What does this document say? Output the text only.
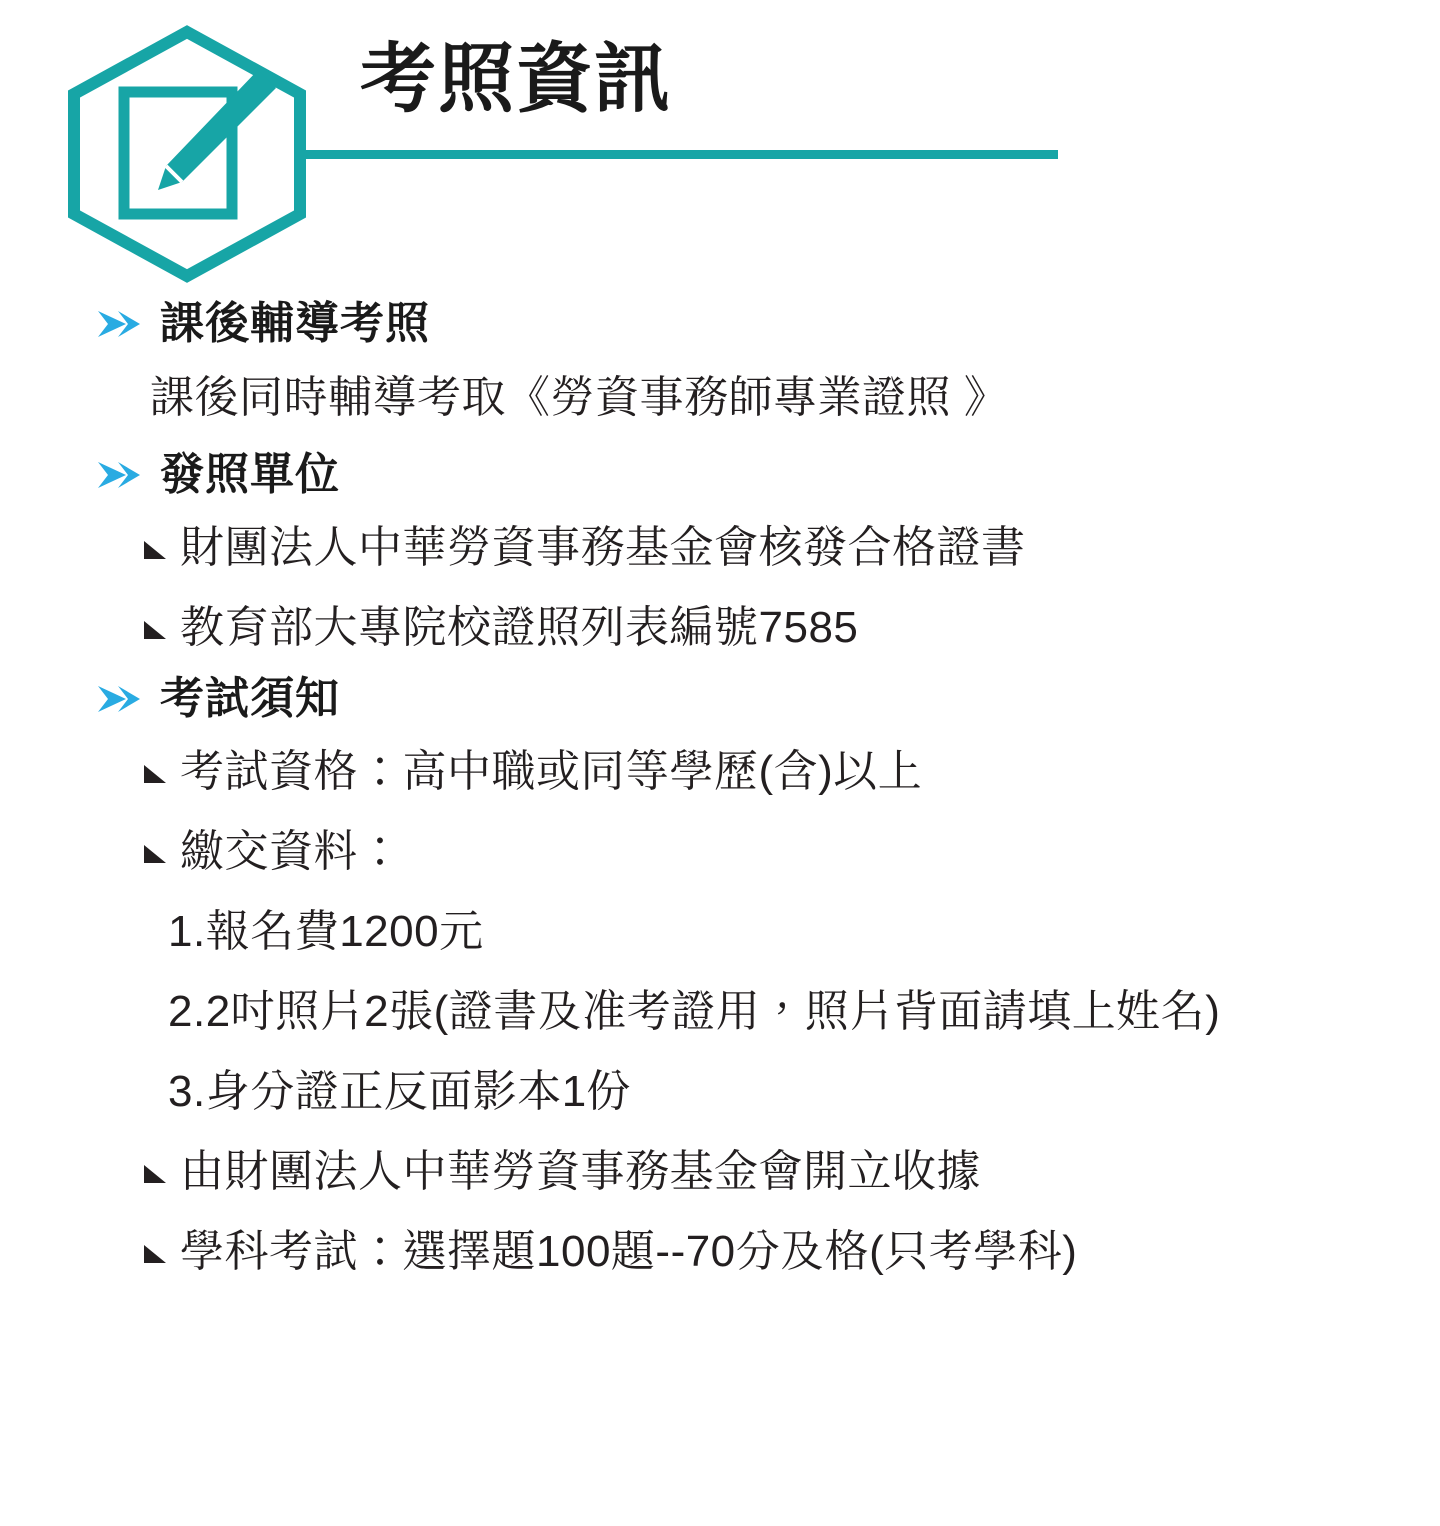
考照資訊
課後輔導考照
課後同時輔導考取《勞資事務師專業證照 》
發照單位
財團法人中華勞資事務基金會核發合格證書
教育部大專院校證照列表編號7585
考試須知
考試資格：高中職或同等學歷(含)以上
繳交資料：
1.報名費1200元
2.2吋照片2張(證書及准考證用，照片背面請填上姓名)
3.身分證正反面影本1份
由財團法人中華勞資事務基金會開立收據
學科考試：選擇題100題--70分及格(只考學科)
